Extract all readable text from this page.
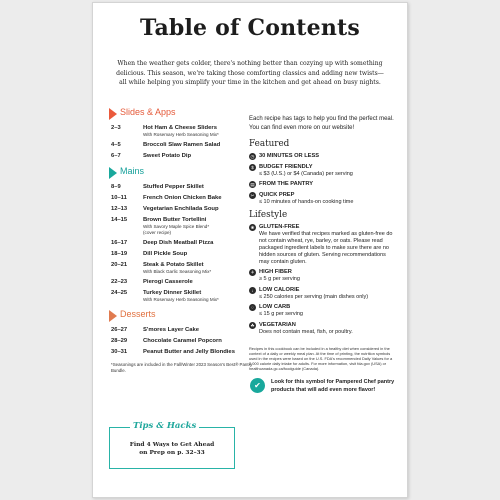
Table of Contents

When the weather gets colder, there's nothing better than cozying up with something delicious. This season, we're taking those comforting classics and adding new twists—all while helping you simplify your time in the kitchen and get ahead on busy nights.

Slides & Apps
2–3	Hot Ham & Cheese Sliders
With Rosemary Herb Seasoning Mix*
4–5	Broccoli Slaw Ramen Salad
6–7	Sweet Potato Dip
Mains
8–9	Stuffed Pepper Skillet
10–11	French Onion Chicken Bake
12–13	Vegetarian Enchilada Soup
14–15	Brown Butter Tortellini
With Savory Maple Spice Blend*
(cover recipe)
16–17	Deep Dish Meatball Pizza
18–19	Dill Pickle Soup
20–21	Steak & Potato Skillet
With Black Garlic Seasoning Mix*
22–23	Pierogi Casserole
24–25	Turkey Dinner Skillet
With Rosemary Herb Seasoning Mix*
Desserts
26–27	S'mores Layer Cake
28–29	Chocolate Caramel Popcorn
30–31	Peanut Butter and Jelly Blondies

*Seasonings are included in the Fall/Winter 2023 Season's Best® Pantry Bundle.

Tips & Hacks
Find 4 Ways to Get Ahead
on Prep on p. 32–33

Each recipe has tags to help you find the perfect meal. You can find even more on our website!

Featured
◷ 30 MINUTES OR LESS
$ BUDGET FRIENDLY
≤ $3 (U.S.) or $4 (Canada) per serving
▤ FROM THE PANTRY
✂ QUICK PREP
≤ 10 minutes of hands-on cooking time
Lifestyle
❀ GLUTEN-FREE
We have verified that recipes marked as gluten-free do not contain wheat, rye, barley, or oats. Please read packaged ingredient labels to make sure there are no hidden sources of gluten. Serving recommendations may contain gluten.
⚘ HIGH FIBER
≥ 5 g per serving
↓ LOW CALORIE
≤ 250 calories per serving (main dishes only)
♢ LOW CARB
≤ 15 g per serving
☘ VEGETARIAN
Does not contain meat, fish, or poultry.

Recipes in this cookbook can be included in a healthy diet when considered in the context of a daily or weekly meal plan. At the time of printing, the nutrition symbols used in the recipes were based on the U.S. FDA's recommended Daily Values for a 2,000 calorie daily intake for adults. For more information, visit fda.gov (USA) or healthcanada.gc.ca/foodguide (Canada).

✔	Look for this symbol for Pampered Chef pantry products that will add even more flavor!
